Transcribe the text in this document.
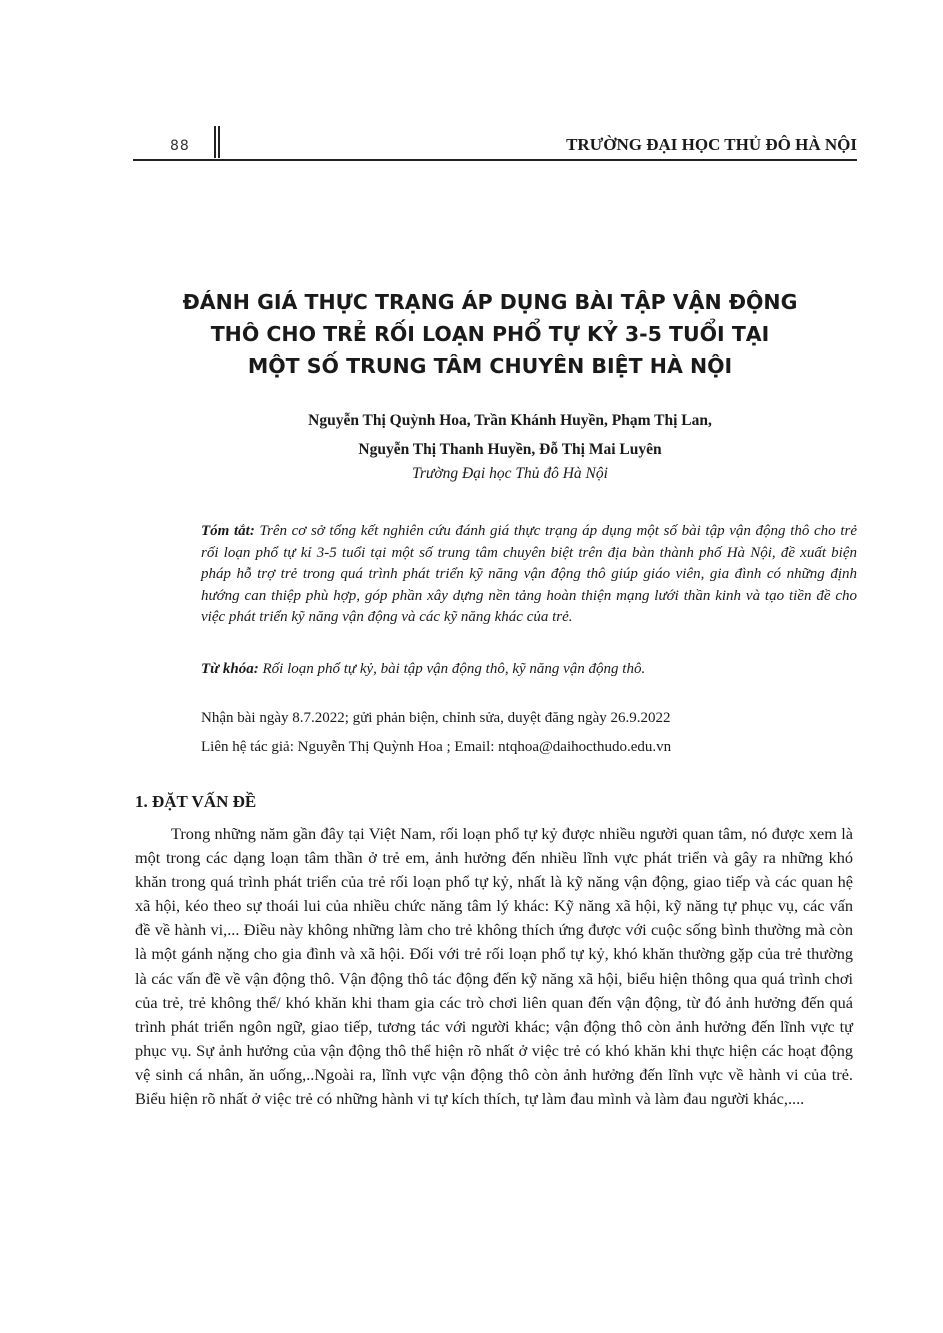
88	TRƯỜNG ĐẠI HỌC THỦ ĐÔ HÀ NỘI
ĐÁNH GIÁ THỰC TRẠNG ÁP DỤNG BÀI TẬP VẬN ĐỘNG
THÔ CHO TRẺ RỐI LOẠN PHỔ TỰ KỶ 3-5 TUỔI TẠI
MỘT SỐ TRUNG TÂM CHUYÊN BIỆT HÀ NỘI
Nguyễn Thị Quỳnh Hoa, Trần Khánh Huyền, Phạm Thị Lan,
Nguyễn Thị Thanh Huyền, Đỗ Thị Mai Luyên
Trường Đại học Thủ đô Hà Nội
Tóm tắt: Trên cơ sở tổng kết nghiên cứu đánh giá thực trạng áp dụng một số bài tập vận động thô cho trẻ rối loạn phổ tự kỉ 3-5 tuổi tại một số trung tâm chuyên biệt trên địa bàn thành phố Hà Nội, đề xuất biện pháp hỗ trợ trẻ trong quá trình phát triển kỹ năng vận động thô giúp giáo viên, gia đình có những định hướng can thiệp phù hợp, góp phần xây dựng nền tảng hoàn thiện mạng lưới thần kinh và tạo tiền đề cho việc phát triển kỹ năng vận động và các kỹ năng khác của trẻ.
Từ khóa: Rối loạn phổ tự kỷ, bài tập vận động thô, kỹ năng vận động thô.
Nhận bài ngày 8.7.2022; gửi phản biện, chỉnh sửa, duyệt đăng ngày 26.9.2022
Liên hệ tác giả: Nguyễn Thị Quỳnh Hoa ; Email: ntqhoa@daihocthudo.edu.vn
1. ĐẶT VẤN ĐỀ

Trong những năm gần đây tại Việt Nam, rối loạn phổ tự kỷ được nhiều người quan tâm, nó được xem là một trong các dạng loạn tâm thần ở trẻ em, ảnh hưởng đến nhiều lĩnh vực phát triển và gây ra những khó khăn trong quá trình phát triển của trẻ rối loạn phổ tự kỷ, nhất là kỹ năng vận động, giao tiếp và các quan hệ xã hội, kéo theo sự thoái lui của nhiều chức năng tâm lý khác: Kỹ năng xã hội, kỹ năng tự phục vụ, các vấn đề về hành vi,... Điều này không những làm cho trẻ không thích ứng được với cuộc sống bình thường mà còn là một gánh nặng cho gia đình và xã hội. Đối với trẻ rối loạn phổ tự kỷ, khó khăn thường gặp của trẻ thường là các vấn đề về vận động thô. Vận động thô tác động đến kỹ năng xã hội, biểu hiện thông qua quá trình chơi của trẻ, trẻ không thể/ khó khăn khi tham gia các trò chơi liên quan đến vận động, từ đó ảnh hưởng đến quá trình phát triển ngôn ngữ, giao tiếp, tương tác với người khác; vận động thô còn ảnh hưởng đến lĩnh vực tự phục vụ. Sự ảnh hưởng của vận động thô thể hiện rõ nhất ở việc trẻ có khó khăn khi thực hiện các hoạt động vệ sinh cá nhân, ăn uống,..Ngoài ra, lĩnh vực vận động thô còn ảnh hưởng đến lĩnh vực về hành vi của trẻ. Biểu hiện rõ nhất ở việc trẻ có những hành vi tự kích thích, tự làm đau mình và làm đau người khác,....
